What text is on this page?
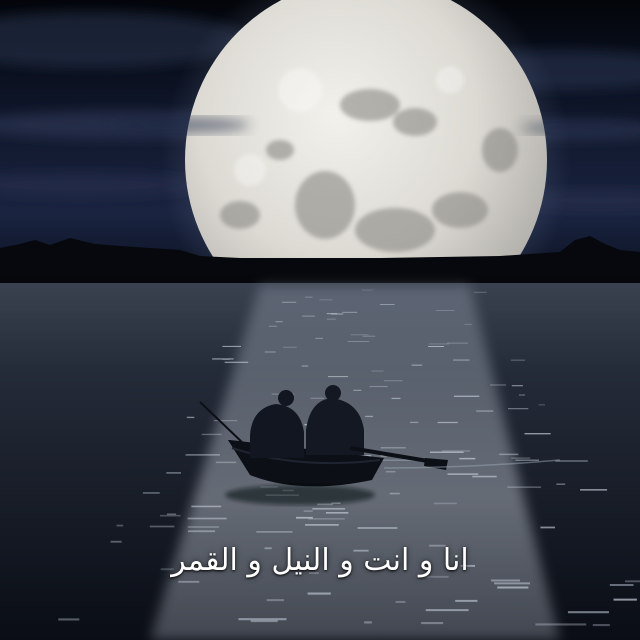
انا و انت و النيل و القمر
